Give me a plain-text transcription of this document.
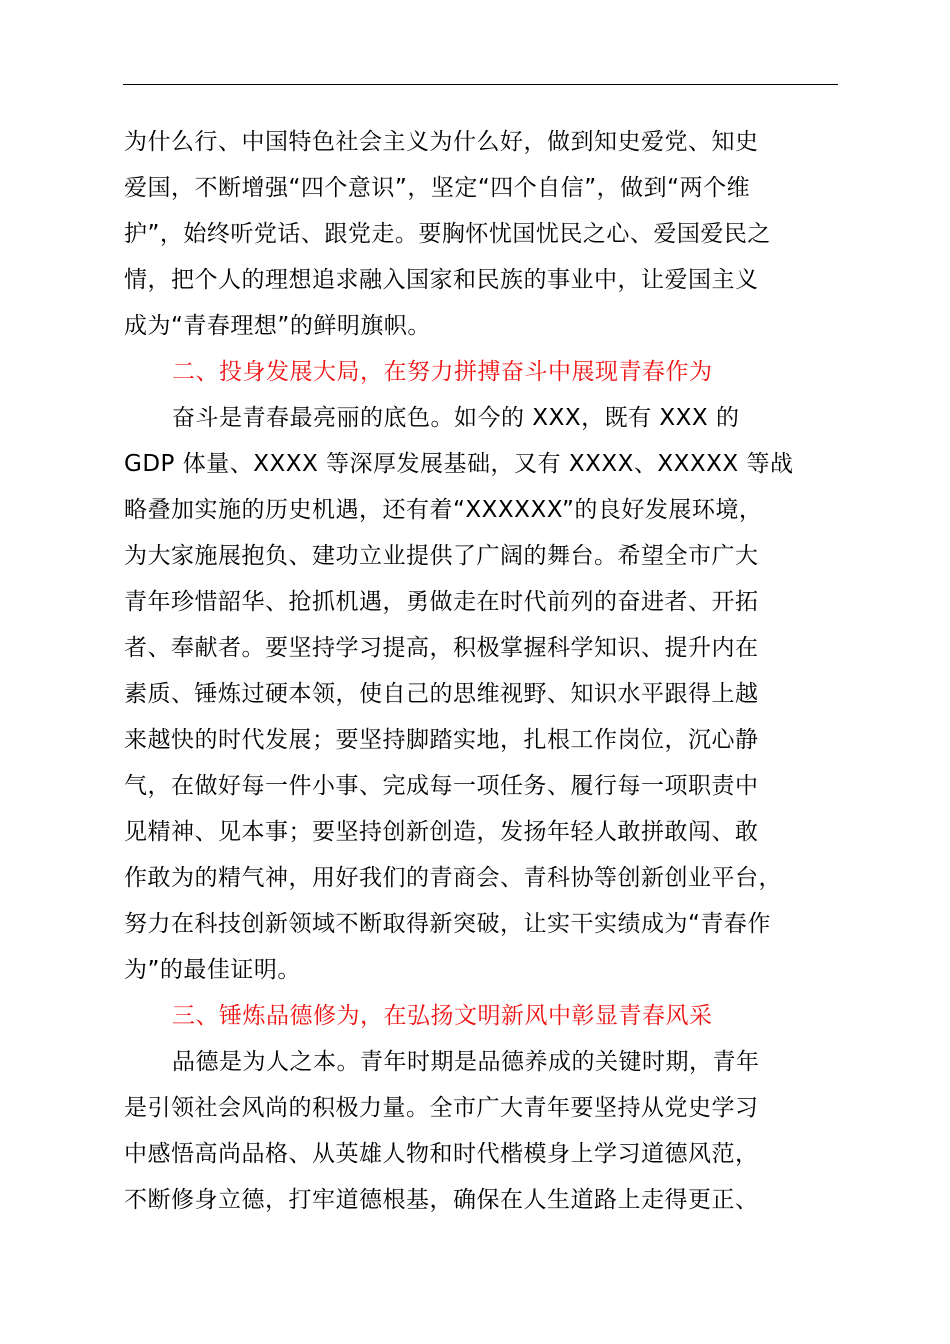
为什么行、中国特色社会主义为什么好，做到知史爱党、知史
爱国，不断增强“四个意识”，坚定“四个自信”，做到“两个维
护”，始终听党话、跟党走。要胸怀忧国忧民之心、爱国爱民之
情，把个人的理想追求融入国家和民族的事业中，让爱国主义
成为“青春理想”的鲜明旗帜。
二、投身发展大局，在努力拼搏奋斗中展现青春作为
奋斗是青春最亮丽的底色。如今的 XXX，既有 XXX 的
GDP 体量、XXXX 等深厚发展基础，又有 XXXX、XXXXX 等战
略叠加实施的历史机遇，还有着“XXXXXX”的良好发展环境，
为大家施展抱负、建功立业提供了广阔的舞台。希望全市广大
青年珍惜韶华、抢抓机遇，勇做走在时代前列的奋进者、开拓
者、奉献者。要坚持学习提高，积极掌握科学知识、提升内在
素质、锤炼过硬本领，使自己的思维视野、知识水平跟得上越
来越快的时代发展；要坚持脚踏实地，扎根工作岗位，沉心静
气，在做好每一件小事、完成每一项任务、履行每一项职责中
见精神、见本事；要坚持创新创造，发扬年轻人敢拼敢闯、敢
作敢为的精气神，用好我们的青商会、青科协等创新创业平台，
努力在科技创新领域不断取得新突破，让实干实绩成为“青春作
为”的最佳证明。
三、锤炼品德修为，在弘扬文明新风中彰显青春风采
品德是为人之本。青年时期是品德养成的关键时期，青年
是引领社会风尚的积极力量。全市广大青年要坚持从党史学习
中感悟高尚品格、从英雄人物和时代楷模身上学习道德风范，
不断修身立德，打牢道德根基，确保在人生道路上走得更正、
